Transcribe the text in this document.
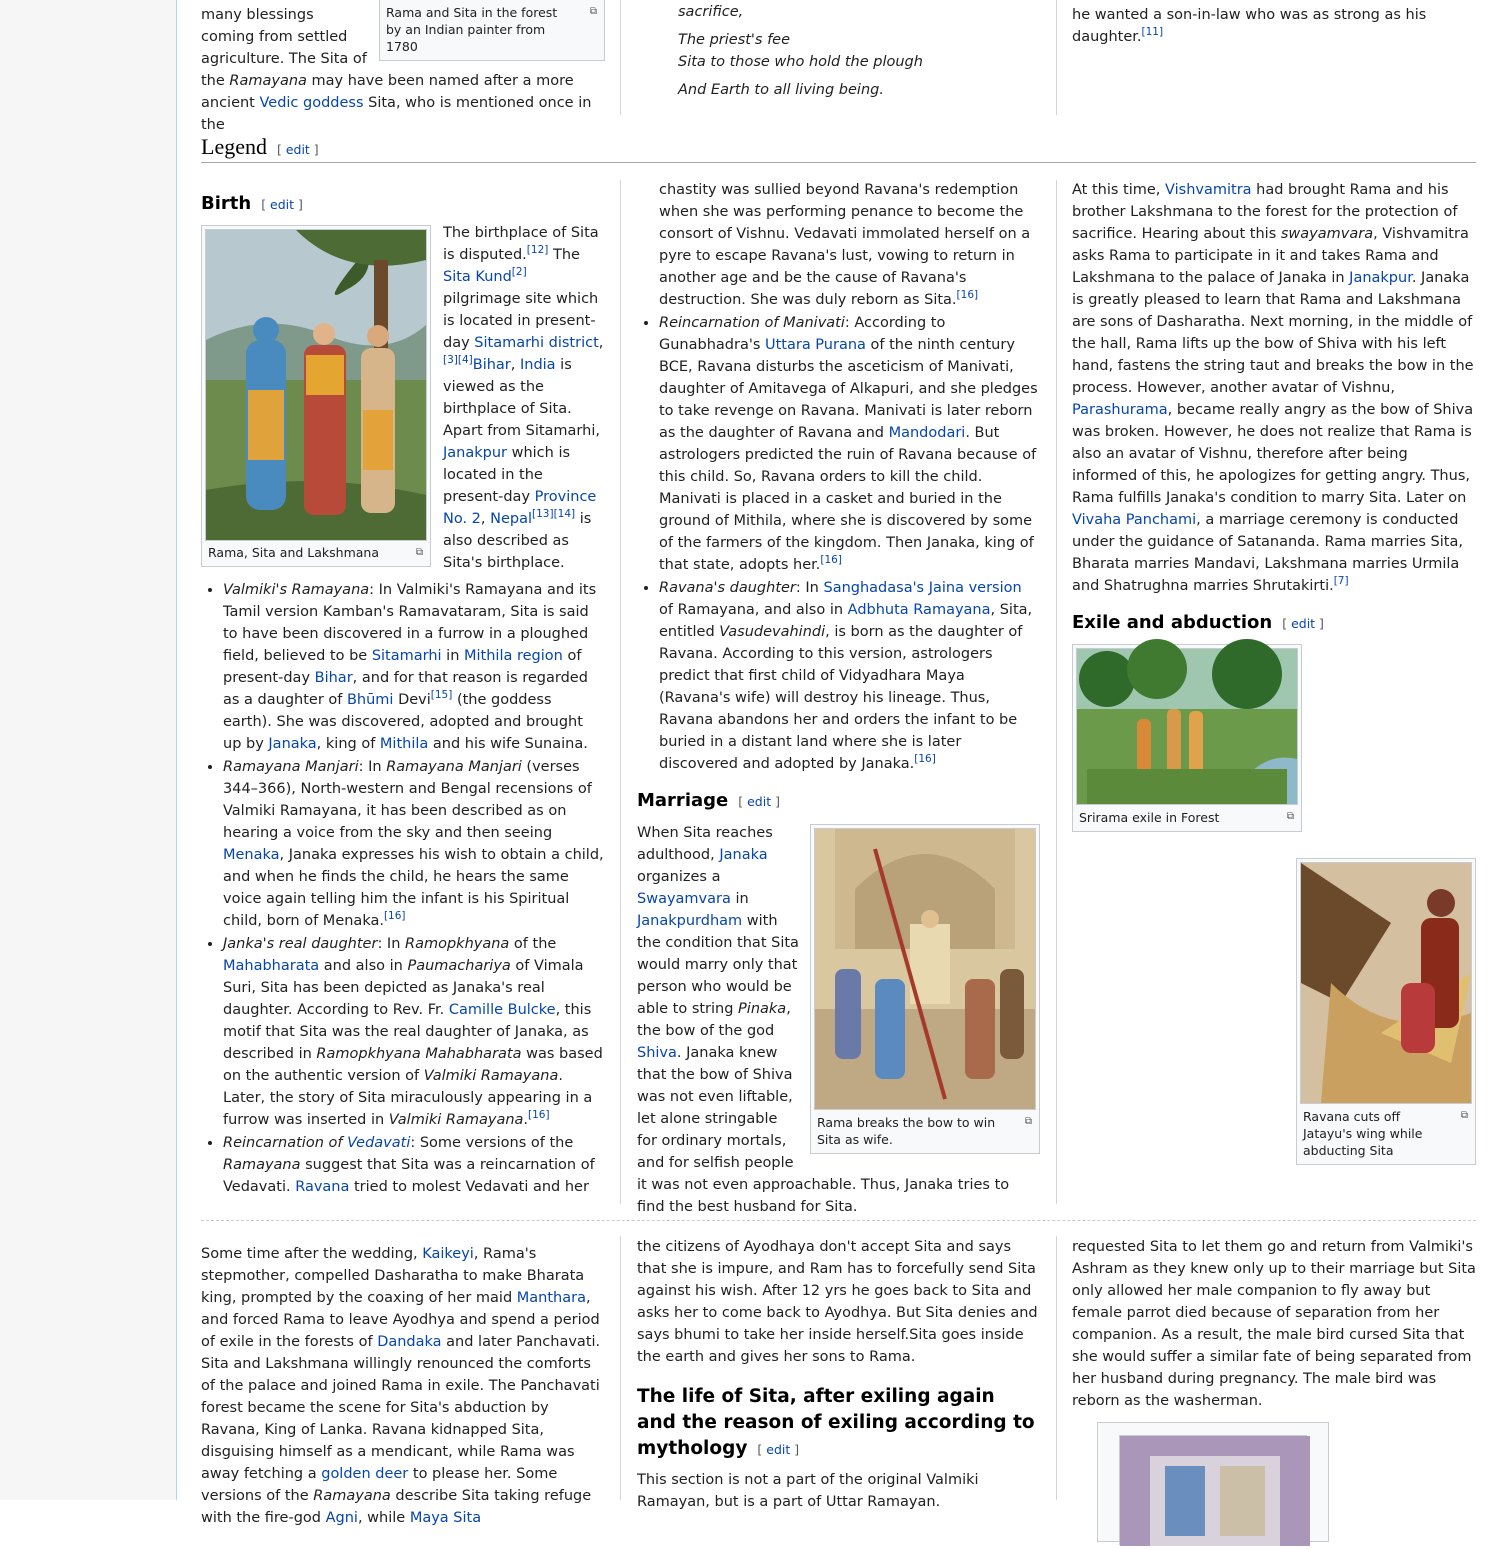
Rama and Sita in the forest by an Indian painter from 1780
⧉

many blessings coming from settled agriculture. The Sita of the Ramayana may have been named after a more ancient Vedic goddess Sita, who is mentioned once in the

sacrifice,

The priest's fee

Sita to those who hold the plough

And Earth to all living being.

he wanted a son-in-law who was as strong as his daughter.[11]

Legend [ edit ]
Birth [ edit ]
Rama, Sita and Lakshmana	⧉

The birthplace of Sita is disputed.[12] The Sita Kund[2] pilgrimage site which is located in present-day Sitamarhi district,[3][4]Bihar, India is viewed as the birthplace of Sita. Apart from Sitamarhi, Janakpur which is located in the present-day Province No. 2, Nepal[13][14] is also described as Sita's birthplace.

• Valmiki's Ramayana: In Valmiki's Ramayana and its Tamil version Kamban's Ramavataram, Sita is said to have been discovered in a furrow in a ploughed field, believed to be Sitamarhi in Mithila region of present-day Bihar, and for that reason is regarded as a daughter of Bhūmi Devi[15] (the goddess earth). She was discovered, adopted and brought up by Janaka, king of Mithila and his wife Sunaina.
• Ramayana Manjari: In Ramayana Manjari (verses 344–366), North-western and Bengal recensions of Valmiki Ramayana, it has been described as on hearing a voice from the sky and then seeing Menaka, Janaka expresses his wish to obtain a child, and when he finds the child, he hears the same voice again telling him the infant is his Spiritual child, born of Menaka.[16]
• Janka's real daughter: In Ramopkhyana of the Mahabharata and also in Paumachariya of Vimala Suri, Sita has been depicted as Janaka's real daughter. According to Rev. Fr. Camille Bulcke, this motif that Sita was the real daughter of Janaka, as described in Ramopkhyana Mahabharata was based on the authentic version of Valmiki Ramayana. Later, the story of Sita miraculously appearing in a furrow was inserted in Valmiki Ramayana.[16]
• Reincarnation of Vedavati: Some versions of the Ramayana suggest that Sita was a reincarnation of Vedavati. Ravana tried to molest Vedavati and her
chastity was sullied beyond Ravana's redemption when she was performing penance to become the consort of Vishnu. Vedavati immolated herself on a pyre to escape Ravana's lust, vowing to return in another age and be the cause of Ravana's destruction. She was duly reborn as Sita.[16]
• Reincarnation of Manivati: According to Gunabhadra's Uttara Purana of the ninth century BCE, Ravana disturbs the asceticism of Manivati, daughter of Amitavega of Alkapuri, and she pledges to take revenge on Ravana. Manivati is later reborn as the daughter of Ravana and Mandodari. But astrologers predicted the ruin of Ravana because of this child. So, Ravana orders to kill the child. Manivati is placed in a casket and buried in the ground of Mithila, where she is discovered by some of the farmers of the kingdom. Then Janaka, king of that state, adopts her.[16]
• Ravana's daughter: In Sanghadasa's Jaina version of Ramayana, and also in Adbhuta Ramayana, Sita, entitled Vasudevahindi, is born as the daughter of Ravana. According to this version, astrologers predict that first child of Vidyadhara Maya (Ravana's wife) will destroy his lineage. Thus, Ravana abandons her and orders the infant to be buried in a distant land where she is later discovered and adopted by Janaka.[16]
Marriage [ edit ]
Rama breaks the bow to win Sita as wife.
⧉

When Sita reaches adulthood, Janaka organizes a Swayamvara in Janakpurdham with the condition that Sita would marry only that person who would be able to string Pinaka, the bow of the god Shiva. Janaka knew that the bow of Shiva was not even liftable, let alone stringable for ordinary mortals, and for selfish people it was not even approachable. Thus, Janaka tries to find the best husband for Sita.

At this time, Vishvamitra had brought Rama and his brother Lakshmana to the forest for the protection of sacrifice. Hearing about this swayamvara, Vishvamitra asks Rama to participate in it and takes Rama and Lakshmana to the palace of Janaka in Janakpur. Janaka is greatly pleased to learn that Rama and Lakshmana are sons of Dasharatha. Next morning, in the middle of the hall, Rama lifts up the bow of Shiva with his left hand, fastens the string taut and breaks the bow in the process. However, another avatar of Vishnu, Parashurama, became really angry as the bow of Shiva was broken. However, he does not realize that Rama is also an avatar of Vishnu, therefore after being informed of this, he apologizes for getting angry. Thus, Rama fulfills Janaka's condition to marry Sita. Later on Vivaha Panchami, a marriage ceremony is conducted under the guidance of Satananda. Rama marries Sita, Bharata marries Mandavi, Lakshmana marries Urmila and Shatrughna marries Shrutakirti.[7]

Exile and abduction [ edit ]
Srirama exile in Forest	⧉
Ravana cuts off Jatayu's wing while abducting Sita
⧉

Some time after the wedding, Kaikeyi, Rama's stepmother, compelled Dasharatha to make Bharata king, prompted by the coaxing of her maid Manthara, and forced Rama to leave Ayodhya and spend a period of exile in the forests of Dandaka and later Panchavati. Sita and Lakshmana willingly renounced the comforts of the palace and joined Rama in exile. The Panchavati forest became the scene for Sita's abduction by Ravana, King of Lanka. Ravana kidnapped Sita, disguising himself as a mendicant, while Rama was away fetching a golden deer to please her. Some versions of the Ramayana describe Sita taking refuge with the fire-god Agni, while Maya Sita

the citizens of Ayodhaya don't accept Sita and says that she is impure, and Ram has to forcefully send Sita against his wish. After 12 yrs he goes back to Sita and asks her to come back to Ayodhya. But Sita denies and says bhumi to take her inside herself.Sita goes inside the earth and gives her sons to Rama.

The life of Sita, after exiling again and the reason of exiling according to mythology [ edit ]

This section is not a part of the original Valmiki Ramayan, but is a part of Uttar Ramayan.

requested Sita to let them go and return from Valmiki's Ashram as they knew only up to their marriage but Sita only allowed her male companion to fly away but female parrot died because of separation from her companion. As a result, the male bird cursed Sita that she would suffer a similar fate of being separated from her husband during pregnancy. The male bird was reborn as the washerman.
